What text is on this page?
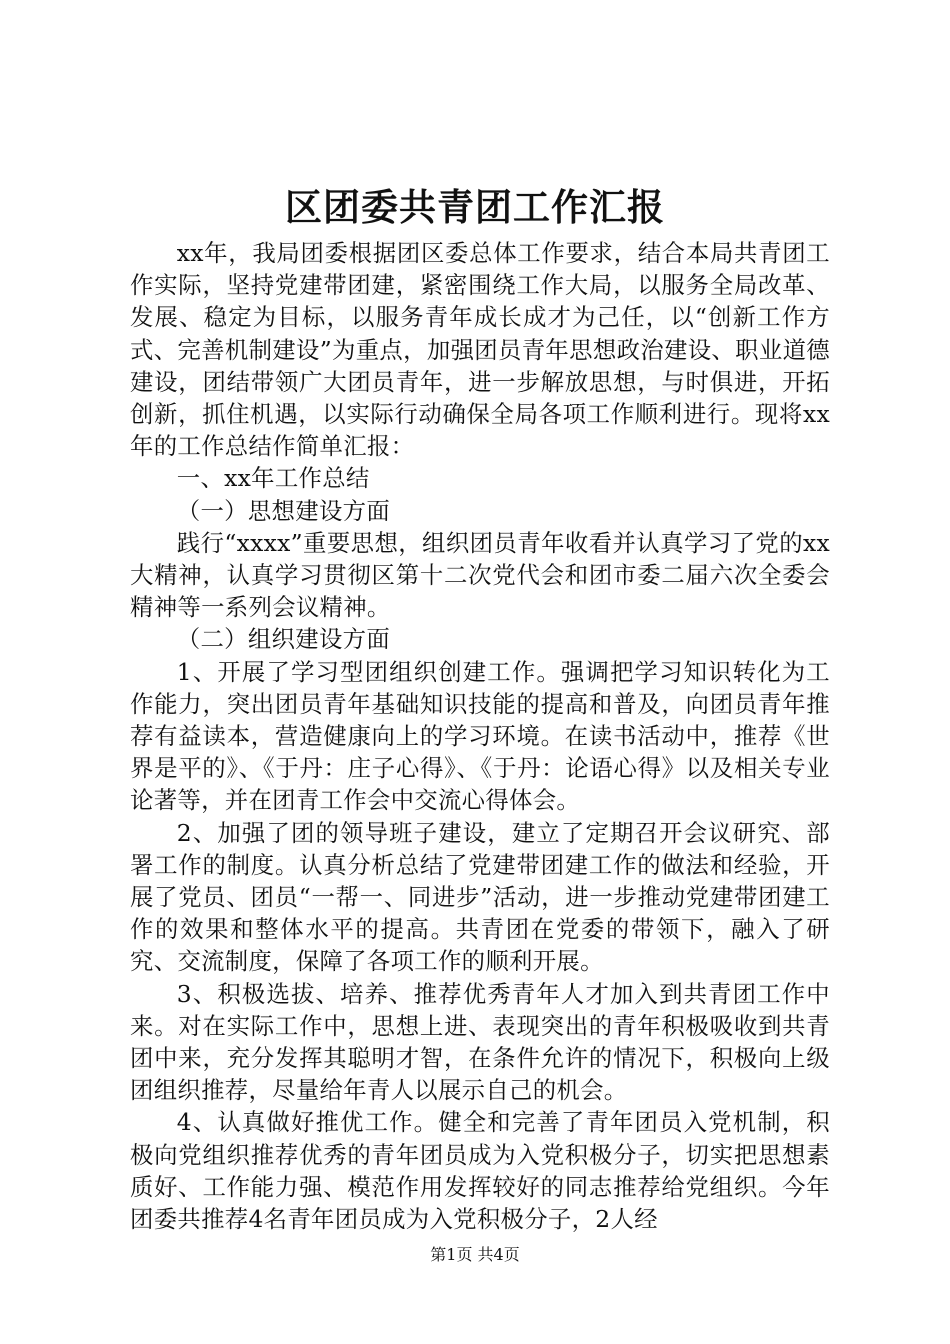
区团委共青团工作汇报

xx年，我局团委根据团区委总体工作要求，结合本局共青团工作实际，坚持党建带团建，紧密围绕工作大局，以服务全局改革、发展、稳定为目标，以服务青年成长成才为己任，以“创新工作方式、完善机制建设”为重点，加强团员青年思想政治建设、职业道德建设，团结带领广大团员青年，进一步解放思想，与时俱进，开拓创新，抓住机遇，以实际行动确保全局各项工作顺利进行。现将xx年的工作总结作简单汇报：

一、xx年工作总结

（一）思想建设方面

践行“xxxx”重要思想，组织团员青年收看并认真学习了党的xx大精神，认真学习贯彻区第十二次党代会和团市委二届六次全委会精神等一系列会议精神。

（二）组织建设方面

1、开展了学习型团组织创建工作。强调把学习知识转化为工作能力，突出团员青年基础知识技能的提高和普及，向团员青年推荐有益读本，营造健康向上的学习环境。在读书活动中，推荐《世界是平的》、《于丹：庄子心得》、《于丹：论语心得》以及相关专业论著等，并在团青工作会中交流心得体会。

2、加强了团的领导班子建设，建立了定期召开会议研究、部署工作的制度。认真分析总结了党建带团建工作的做法和经验，开展了党员、团员“一帮一、同进步”活动，进一步推动党建带团建工作的效果和整体水平的提高。共青团在党委的带领下，融入了研究、交流制度，保障了各项工作的顺利开展。

3、积极选拔、培养、推荐优秀青年人才加入到共青团工作中来。对在实际工作中，思想上进、表现突出的青年积极吸收到共青团中来，充分发挥其聪明才智，在条件允许的情况下，积极向上级团组织推荐，尽量给年青人以展示自己的机会。

4、认真做好推优工作。健全和完善了青年团员入党机制，积极向党组织推荐优秀的青年团员成为入党积极分子，切实把思想素质好、工作能力强、模范作用发挥较好的同志推荐给党组织。今年团委共推荐4名青年团员成为入党积极分子，2人经

第1页 共4页
